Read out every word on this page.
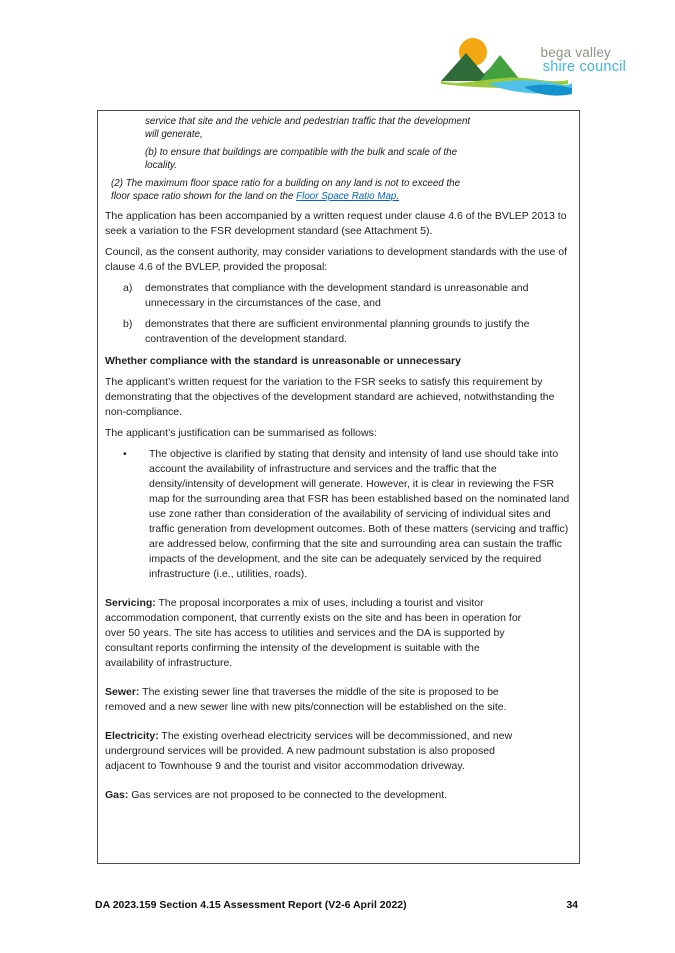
bega valley
shire council

service that site and the vehicle and pedestrian traffic that the development will generate,

(b) to ensure that buildings are compatible with the bulk and scale of the locality.

(2) The maximum floor space ratio for a building on any land is not to exceed the floor space ratio shown for the land on the Floor Space Ratio Map.

The application has been accompanied by a written request under clause 4.6 of the BVLEP 2013 to seek a variation to the FSR development standard (see Attachment 5).

Council, as the consent authority, may consider variations to development standards with the use of clause 4.6 of the BVLEP, provided the proposal:

a)	demonstrates that compliance with the development standard is unreasonable and unnecessary in the circumstances of the case, and
b)	demonstrates that there are sufficient environmental planning grounds to justify the contravention of the development standard.

Whether compliance with the standard is unreasonable or unnecessary

The applicant’s written request for the variation to the FSR seeks to satisfy this requirement by demonstrating that the objectives of the development standard are achieved, notwithstanding the non-compliance.

The applicant’s justification can be summarised as follows:

•	The objective is clarified by stating that density and intensity of land use should take into account the availability of infrastructure and services and the traffic that the density/intensity of development will generate. However, it is clear in reviewing the FSR map for the surrounding area that FSR has been established based on the nominated land use zone rather than consideration of the availability of servicing of individual sites and traffic generation from development outcomes. Both of these matters (servicing and traffic) are addressed below, confirming that the site and surrounding area can sustain the traffic impacts of the development, and the site can be adequately serviced by the required infrastructure (i.e., utilities, roads).

Servicing: The proposal incorporates a mix of uses, including a tourist and visitor accommodation component, that currently exists on the site and has been in operation for over 50 years. The site has access to utilities and services and the DA is supported by consultant reports confirming the intensity of the development is suitable with the availability of infrastructure.

Sewer: The existing sewer line that traverses the middle of the site is proposed to be removed and a new sewer line with new pits/connection will be established on the site.

Electricity: The existing overhead electricity services will be decommissioned, and new underground services will be provided. A new padmount substation is also proposed adjacent to Townhouse 9 and the tourist and visitor accommodation driveway.

Gas: Gas services are not proposed to be connected to the development.

DA 2023.159 Section 4.15 Assessment Report (V2-6 April 2022)	34
